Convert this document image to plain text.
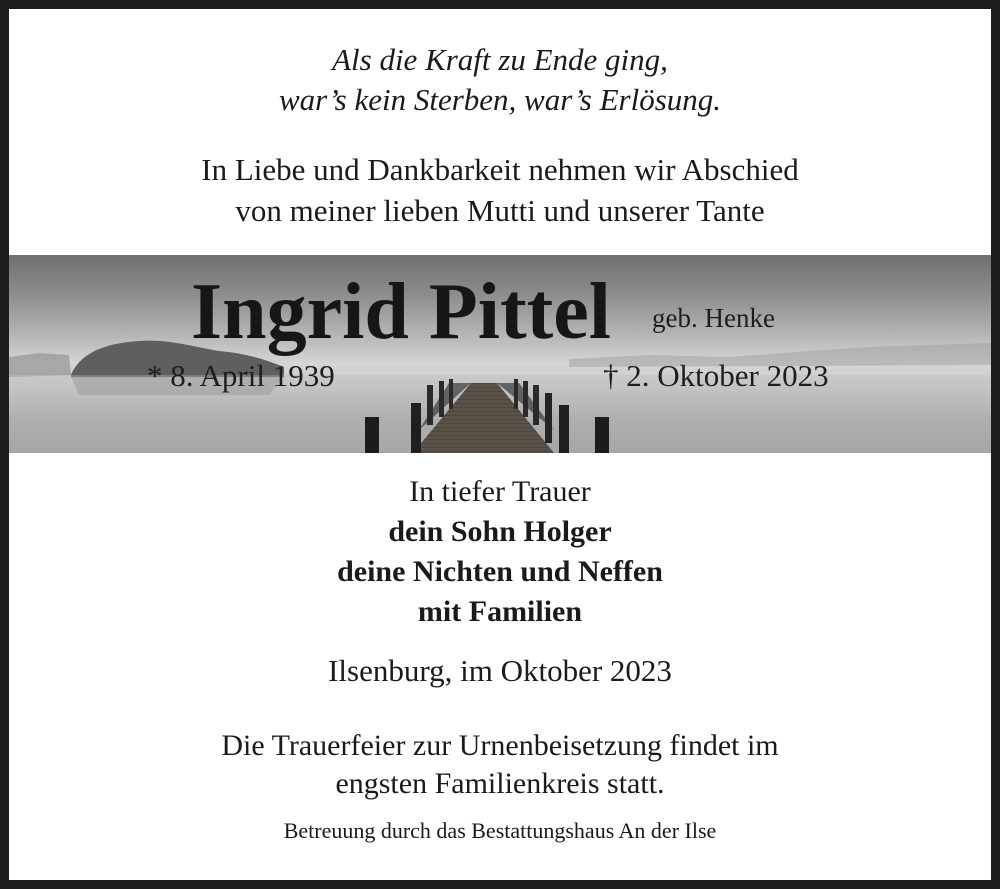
Als die Kraft zu Ende ging,
war’s kein Sterben, war’s Erlösung.
In Liebe und Dankbarkeit nehmen wir Abschied
von meiner lieben Mutti und unserer Tante
Ingrid Pittel geb. Henke
* 8. April 1939	† 2. Oktober 2023
In tiefer Trauer
dein Sohn Holger
deine Nichten und Neffen
mit Familien
Ilsenburg, im Oktober 2023
Die Trauerfeier zur Urnenbeisetzung findet im
engsten Familienkreis statt.
Betreuung durch das Bestattungshaus An der Ilse
